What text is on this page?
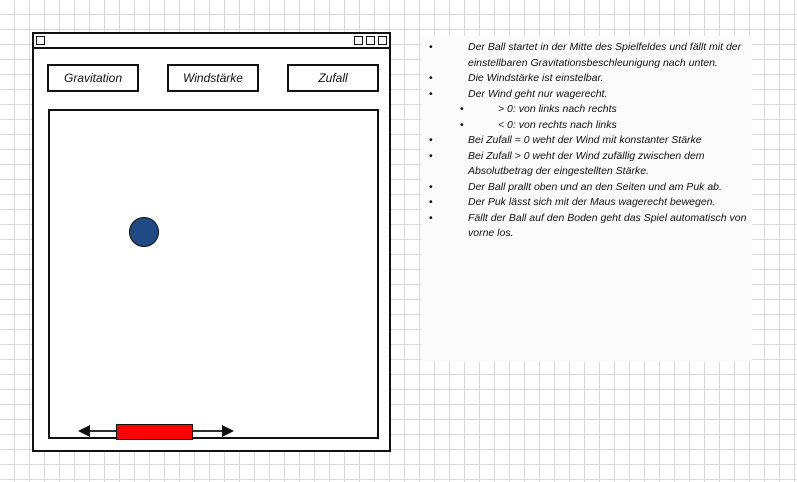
Gravitation	Windstärke	Zufall
• Der Ball startet in der Mitte des Spielfeldes und fällt mit der einstellbaren Gravitationsbeschleunigung nach unten.
• Die Windstärke ist einstelbar.
• Der Wind geht nur wagerecht.
• > 0: von links nach rechts
• < 0: von rechts nach links
• Bei Zufall = 0 weht der Wind mit konstanter Stärke
• Bei Zufall > 0 weht der Wind zufällig zwischen dem Absolutbetrag der eingestellten Stärke.
• Der Ball prallt oben und an den Seiten und am Puk ab.
• Der Puk lässt sich mit der Maus wagerecht bewegen.
• Fällt der Ball auf den Boden geht das Spiel automatisch von vorne los.
